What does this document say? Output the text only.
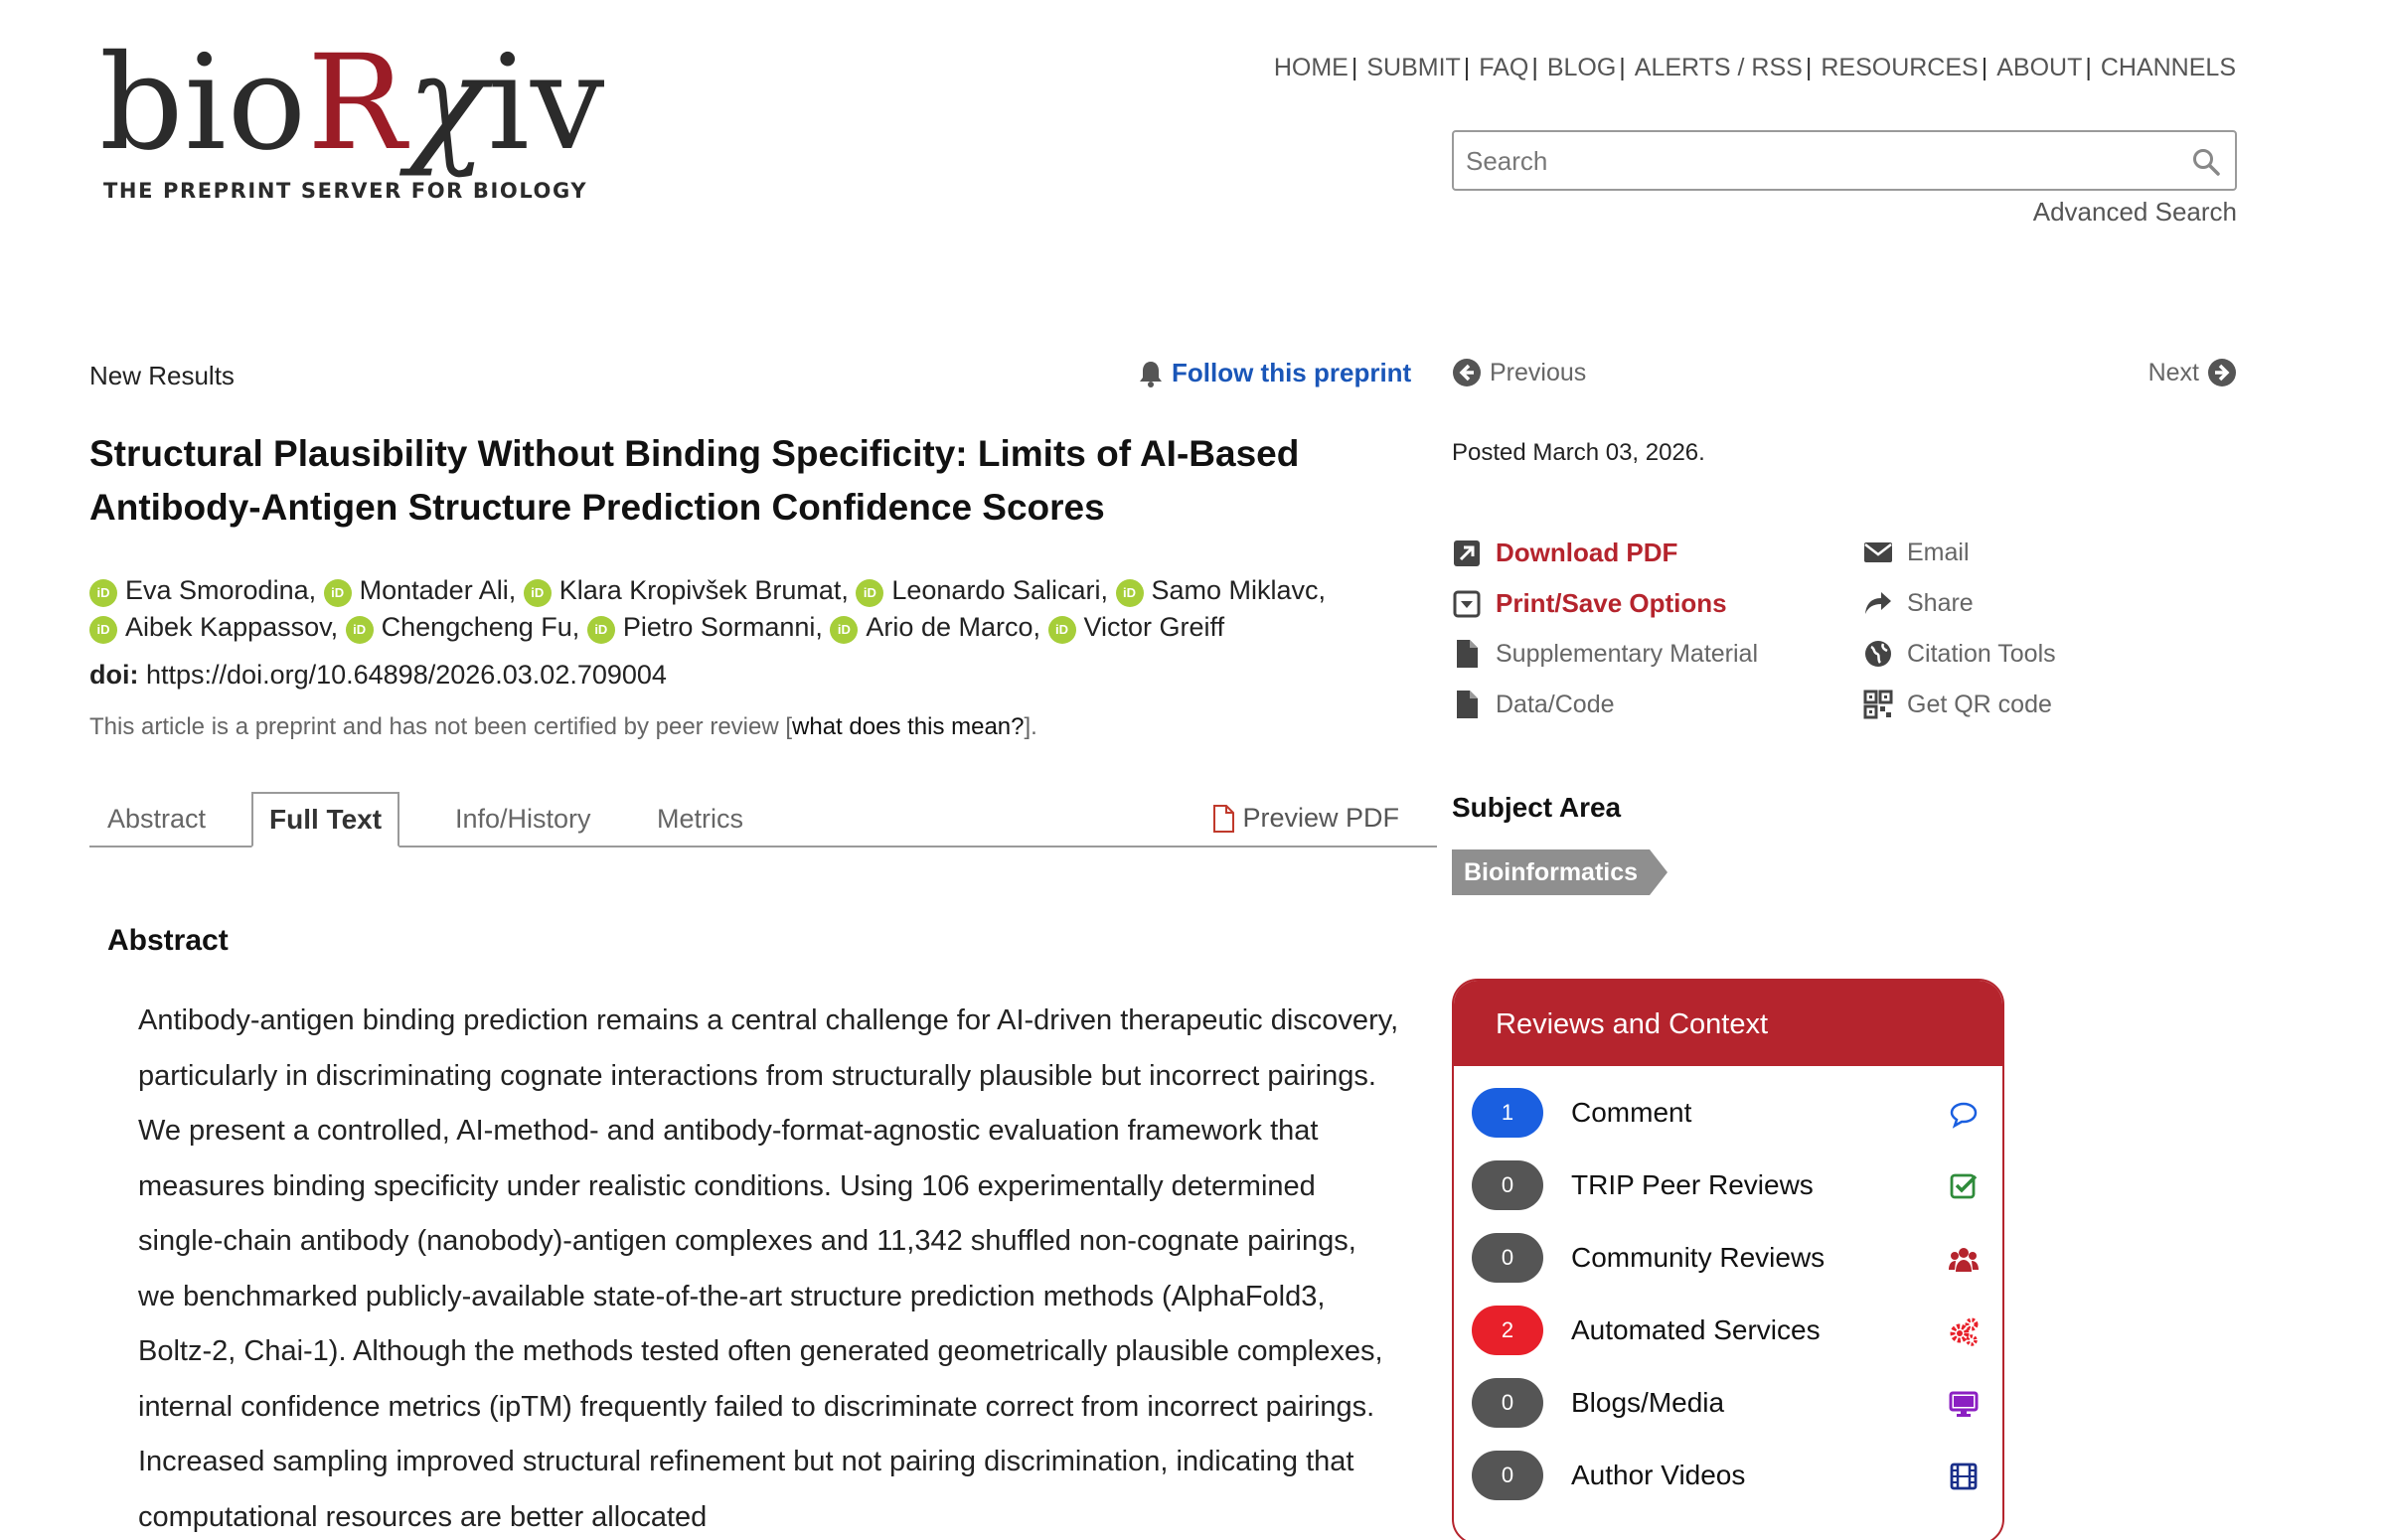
bioRχiv
THE PREPRINT SERVER FOR BIOLOGY
HOME | SUBMIT | FAQ | BLOG | ALERTS / RSS | RESOURCES | ABOUT | CHANNELS
Search
Advanced Search
New Results	Follow this preprint
Structural Plausibility Without Binding Specificity: Limits of AI-Based Antibody-Antigen Structure Prediction Confidence Scores
iD Eva Smorodina, iD Montader Ali, iD Klara Kropivšek Brumat, iD Leonardo Salicari, iD Samo Miklavc,
iD Aibek Kappassov, iD Chengcheng Fu, iD Pietro Sormanni, iD Ario de Marco, iD Victor Greiff
doi: https://doi.org/10.64898/2026.03.02.709004
This article is a preprint and has not been certified by peer review [what does this mean?].
Abstract	Full Text	Info/History Metrics	Preview PDF
Abstract
Antibody-antigen binding prediction remains a central challenge for AI-driven therapeutic discovery, particularly in discriminating cognate interactions from structurally plausible but incorrect pairings. We present a controlled, AI-method- and antibody-format-agnostic evaluation framework that measures binding specificity under realistic conditions. Using 106 experimentally determined single-chain antibody (nanobody)-antigen complexes and 11,342 shuffled non-cognate pairings, we benchmarked publicly-available state-of-the-art structure prediction methods (AlphaFold3, Boltz-2, Chai-1). Although the methods tested often generated geometrically plausible complexes, internal confidence metrics (ipTM) frequently failed to discriminate correct from incorrect pairings. Increased sampling improved structural refinement but not pairing discrimination, indicating that computational resources are better allocated
Previous	Next
Posted March 03, 2026.
Download PDF
Print/Save Options
Supplementary Material
Data/Code
Email
Share
Citation Tools
Get QR code
Subject Area
Bioinformatics
Reviews and Context
1	Comment
0	TRIP Peer Reviews
0	Community Reviews
2	Automated Services
0	Blogs/Media
0	Author Videos
